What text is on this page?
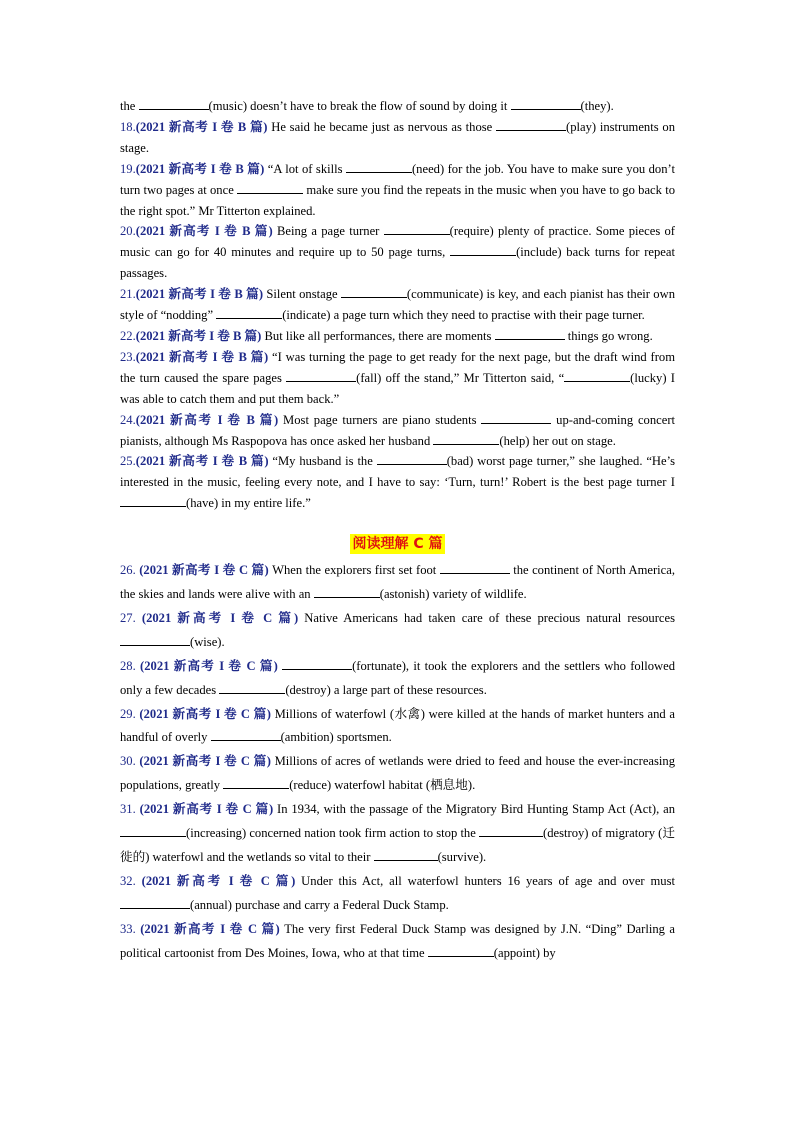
the	(music) doesn’t have to break the flow of sound by doing it	(they).

18.(2021 新高考 I 卷 B 篇) He said he became just as nervous as those	(play) instruments on stage.

19.(2021 新高考 I 卷 B 篇) “A lot of skills	(need) for the job. You have to make sure you don’t turn two pages at once	make sure you find the repeats in the music when you have to go back to the right spot.” Mr Titterton explained.

20.(2021 新高考 I 卷 B 篇) Being a page turner	(require) plenty of practice. Some pieces of music can go for 40 minutes and require up to 50 page turns,	(include) back turns for repeat passages.

21.(2021 新高考 I 卷 B 篇) Silent onstage	(communicate) is key, and each pianist has their own style of “nodding”	(indicate) a page turn which they need to practise with their page turner.

22.(2021 新高考 I 卷 B 篇) But like all performances, there are moments	things go wrong.

23.(2021 新高考 I 卷 B 篇) “I was turning the page to get ready for the next page, but the draft wind from the turn caused the spare pages	(fall) off the stand,” Mr Titterton said, “	(lucky) I was able to catch them and put them back.”

24.(2021 新高考 I 卷 B 篇) Most page turners are piano students	up-and-coming concert pianists, although Ms Raspopova has once asked her husband	(help) her out on stage.

25.(2021 新高考 I 卷 B 篇) “My husband is the	(bad) worst page turner,” she laughed. “He’s interested in the music, feeling every note, and I have to say: ‘Turn, turn!’ Robert is the best page turner I (have) in my entire life.”

阅读理解 C 篇

26. (2021 新高考 I 卷 C 篇) When the explorers first set foot	the continent of North America, the skies and lands were alive with an	(astonish) variety of wildlife.

27. (2021 新高考 I 卷 C 篇) Native Americans had taken care of these precious natural resources (wise).

28. (2021 新高考 I 卷 C 篇)	(fortunate), it took the explorers and the settlers who followed only a few decades	(destroy) a large part of these resources.

29. (2021 新高考 I 卷 C 篇) Millions of waterfowl (水禽) were killed at the hands of market hunters and a handful of overly	(ambition) sportsmen.

30. (2021 新高考 I 卷 C 篇) Millions of acres of wetlands were dried to feed and house the ever-increasing populations, greatly	(reduce) waterfowl habitat (栖息地).

31. (2021 新高考 I 卷 C 篇) In 1934, with the passage of the Migratory Bird Hunting Stamp Act (Act), an (increasing) concerned nation took firm action to stop the	(destroy) of migratory (迁徙的) waterfowl and the wetlands so vital to their	(survive).

32. (2021 新高考 I 卷 C 篇) Under this Act, all waterfowl hunters 16 years of age and over must (annual) purchase and carry a Federal Duck Stamp.

33. (2021 新高考 I 卷 C 篇) The very first Federal Duck Stamp was designed by J.N. “Ding” Darling a political cartoonist from Des Moines, Iowa, who at that time	(appoint) by
